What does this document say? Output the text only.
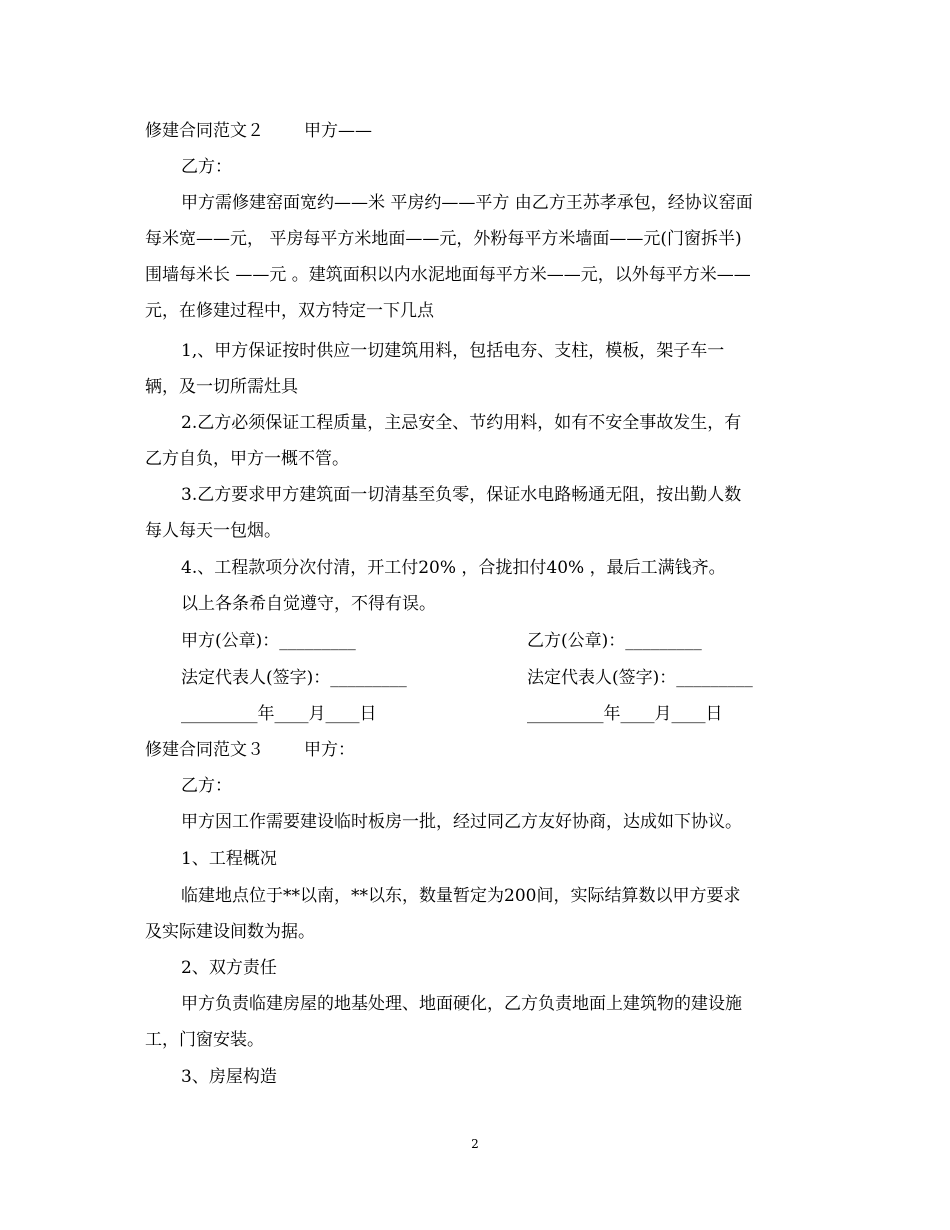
修建合同范文２ 甲方——
乙方：
甲方需修建窑面宽约——米 平房约——平方 由乙方王苏孝承包，经协议窑面
每米宽——元， 平房每平方米地面——元，外粉每平方米墙面——元(门窗拆半)
围墙每米长 ——元 。建筑面积以内水泥地面每平方米——元，以外每平方米——
元，在修建过程中，双方特定一下几点
1,、甲方保证按时供应一切建筑用料，包括电夯、支柱，模板，架子车一
辆，及一切所需灶具
2.乙方必须保证工程质量，主忌安全、节约用料，如有不安全事故发生，有
乙方自负，甲方一概不管。
3.乙方要求甲方建筑面一切清基至负零，保证水电路畅通无阻，按出勤人数
每人每天一包烟。
4.、工程款项分次付清，开工付20% ，合拢扣付40% ，最后工满钱齐。
以上各条希自觉遵守，不得有误。
甲方(公章)：_________	乙方(公章)：_________
法定代表人(签字)：_________	法定代表人(签字)：_________
_________年____月____日	_________年____月____日
修建合同范文３ 甲方：
乙方：
甲方因工作需要建设临时板房一批，经过同乙方友好协商，达成如下协议。
1、工程概况
临建地点位于**以南，**以东，数量暂定为200间，实际结算数以甲方要求
及实际建设间数为据。
2、双方责任
甲方负责临建房屋的地基处理、地面硬化，乙方负责地面上建筑物的建设施
工，门窗安装。
3、房屋构造
2
